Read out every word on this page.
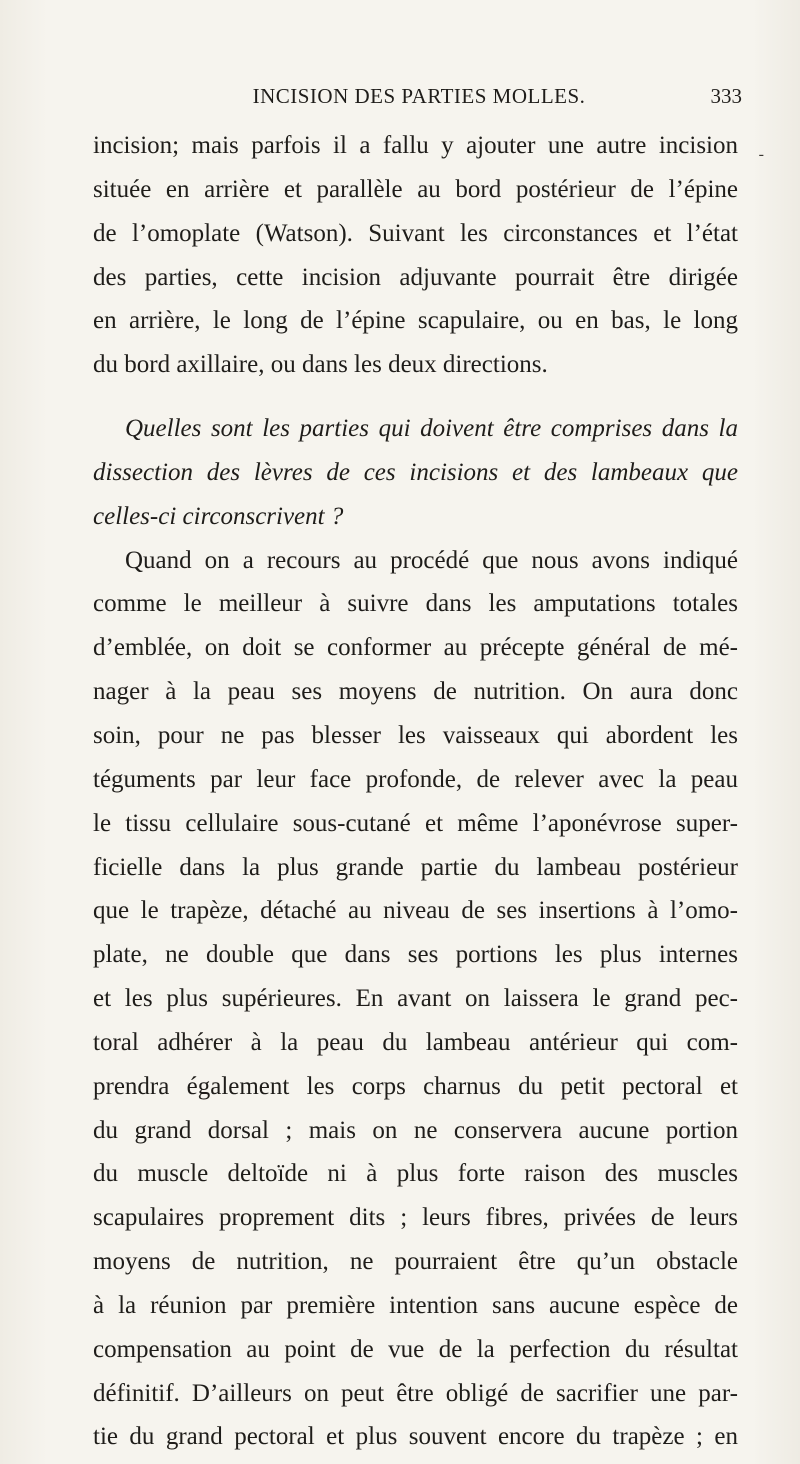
INCISION DES PARTIES MOLLES.	333
-
incision; mais parfois il a fallu y ajouter une autre incision
située en arrière et parallèle au bord postérieur de l’épine
de l’omoplate (Watson). Suivant les circonstances et l’état
des parties, cette incision adjuvante pourrait être dirigée
en arrière, le long de l’épine scapulaire, ou en bas, le long
du bord axillaire, ou dans les deux directions.
Quelles sont les parties qui doivent être comprises dans la
dissection des lèvres de ces incisions et des lambeaux que
celles-ci circonscrivent ?
Quand on a recours au procédé que nous avons indiqué
comme le meilleur à suivre dans les amputations totales
d’emblée, on doit se conformer au précepte général de mé-
nager à la peau ses moyens de nutrition. On aura donc
soin, pour ne pas blesser les vaisseaux qui abordent les
téguments par leur face profonde, de relever avec la peau
le tissu cellulaire sous-cutané et même l’aponévrose super-
ficielle dans la plus grande partie du lambeau postérieur
que le trapèze, détaché au niveau de ses insertions à l’omo-
plate, ne double que dans ses portions les plus internes
et les plus supérieures. En avant on laissera le grand pec-
toral adhérer à la peau du lambeau antérieur qui com-
prendra également les corps charnus du petit pectoral et
du grand dorsal ; mais on ne conservera aucune portion
du muscle deltoïde ni à plus forte raison des muscles
scapulaires proprement dits ; leurs fibres, privées de leurs
moyens de nutrition, ne pourraient être qu’un obstacle
à la réunion par première intention sans aucune espèce de
compensation au point de vue de la perfection du résultat
définitif. D’ailleurs on peut être obligé de sacrifier une par-
tie du grand pectoral et plus souvent encore du trapèze ; en
